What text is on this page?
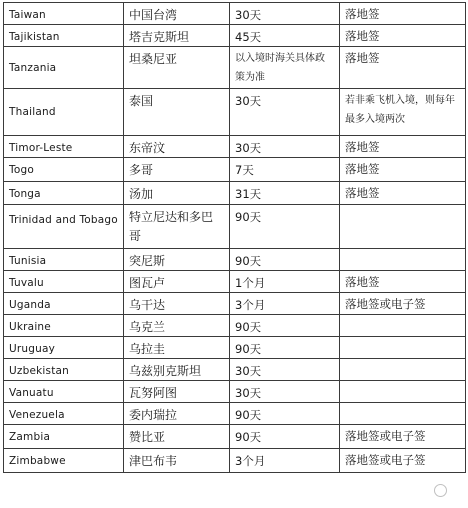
Taiwan	中国台湾	30天	落地签
Tajikistan	塔吉克斯坦	45天	落地签
Tanzania	坦桑尼亚	以入境时海关具体政策为准	落地签
Thailand	泰国	30天	若非乘飞机入境，则每年最多入境两次
Timor-Leste	东帝汶	30天	落地签
Togo	多哥	7天	落地签
Tonga	汤加	31天	落地签
Trinidad and Tobago	特立尼达和多巴哥	90天	
Tunisia	突尼斯	90天	
Tuvalu	图瓦卢	1个月	落地签
Uganda	乌干达	3个月	落地签或电子签
Ukraine	乌克兰	90天	
Uruguay	乌拉圭	90天	
Uzbekistan	乌兹别克斯坦	30天	
Vanuatu	瓦努阿图	30天	
Venezuela	委内瑞拉	90天	
Zambia	赞比亚	90天	落地签或电子签
Zimbabwe	津巴布韦	3个月	落地签或电子签
